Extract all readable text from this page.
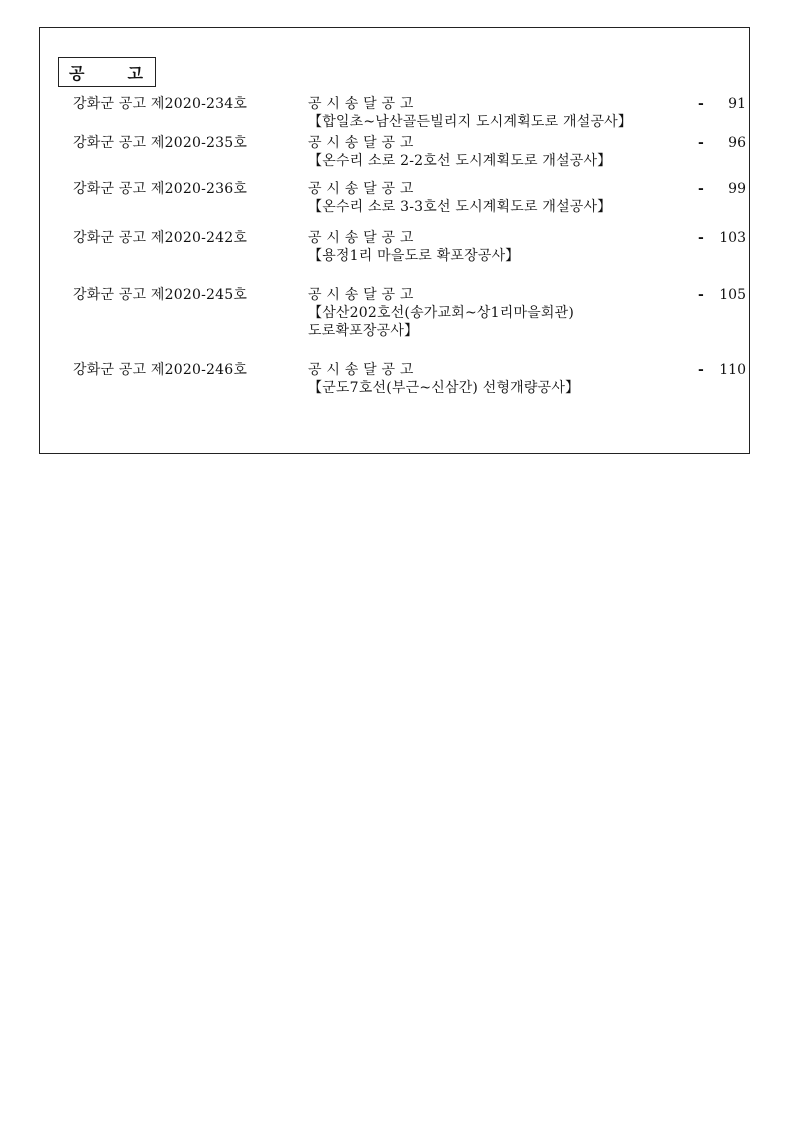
공	고
강화군 공고 제2020-234호	공 시 송 달 공 고
【합일초~남산골든빌리지 도시계획도로 개설공사】
- 91
강화군 공고 제2020-235호	공 시 송 달 공 고
【온수리 소로 2-2호선 도시계획도로 개설공사】
- 96
강화군 공고 제2020-236호	공 시 송 달 공 고
【온수리 소로 3-3호선 도시계획도로 개설공사】
- 99
강화군 공고 제2020-242호	공 시 송 달 공 고
【용정1리 마을도로 확포장공사】
- 103
강화군 공고 제2020-245호	공 시 송 달 공 고
【삼산202호선(송가교회~상1리마을회관)
도로확포장공사】
- 105
강화군 공고 제2020-246호	공 시 송 달 공 고
【군도7호선(부근~신삼간) 선형개량공사】
- 110
